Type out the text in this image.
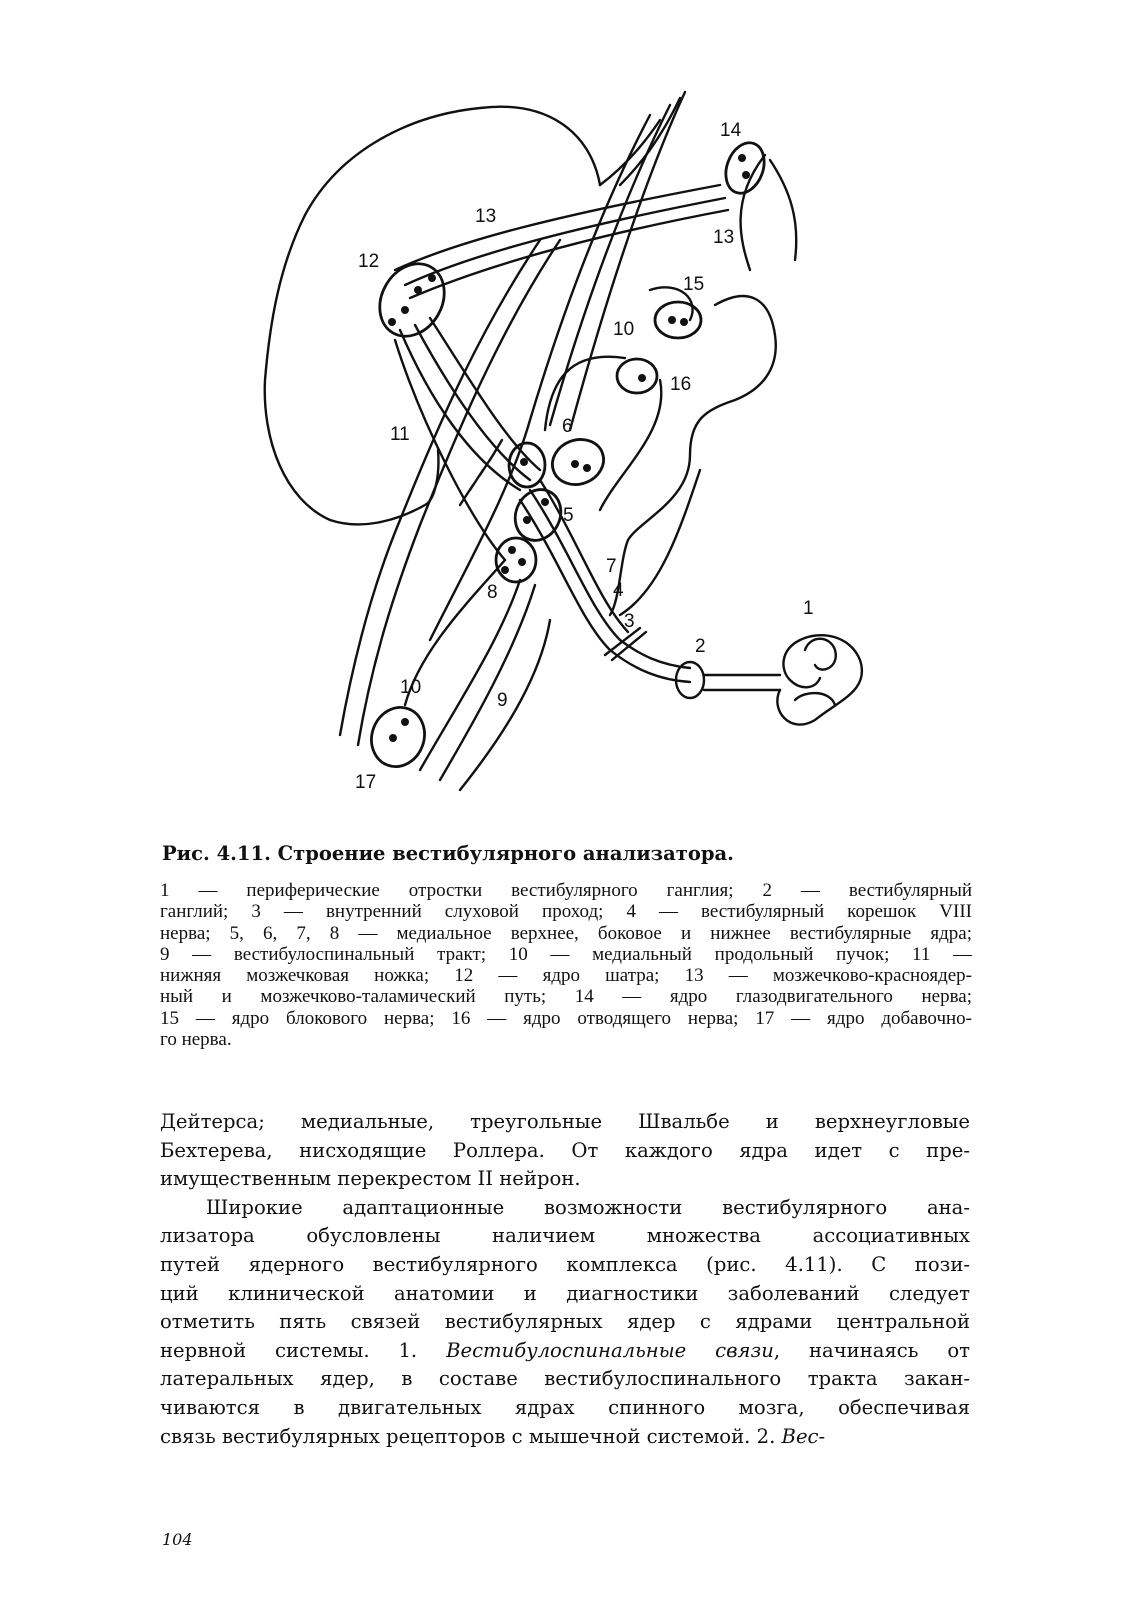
14
13
13
12
15
10
16
11	6
5
7
4
8
3
1
2
10
9
17
Рис. 4.11. Строение вестибулярного анализатора.
1 — периферические отростки вестибулярного ганглия; 2 — вестибулярный
ганглий; 3 — внутренний слуховой проход; 4 — вестибулярный корешок VIII
нерва; 5, 6, 7, 8 — медиальное верхнее, боковое и нижнее вестибулярные ядра;
9 — вестибулоспинальный тракт; 10 — медиальный продольный пучок; 11 —
нижняя мозжечковая ножка; 12 — ядро шатра; 13 — мозжечково-красноядер-
ный и мозжечково-таламический путь; 14 — ядро глазодвигательного нерва;
15 — ядро блокового нерва; 16 — ядро отводящего нерва; 17 — ядро добавочно-
го нерва.
Дейтерса; медиальные, треугольные Швальбе и верхнеугловые
Бехтерева, нисходящие Роллера. От каждого ядра идет с пре-
имущественным перекрестом II нейрон.
Широкие адаптационные возможности вестибулярного ана-
лизатора обусловлены наличием множества ассоциативных
путей ядерного вестибулярного комплекса (рис. 4.11). С пози-
ций клинической анатомии и диагностики заболеваний следует
отметить пять связей вестибулярных ядер с ядрами центральной
нервной системы. 1. Вестибулоспинальные связи, начинаясь от
латеральных ядер, в составе вестибулоспинального тракта закан-
чиваются в двигательных ядрах спинного мозга, обеспечивая
связь вестибулярных рецепторов с мышечной системой. 2. Вес-
104
